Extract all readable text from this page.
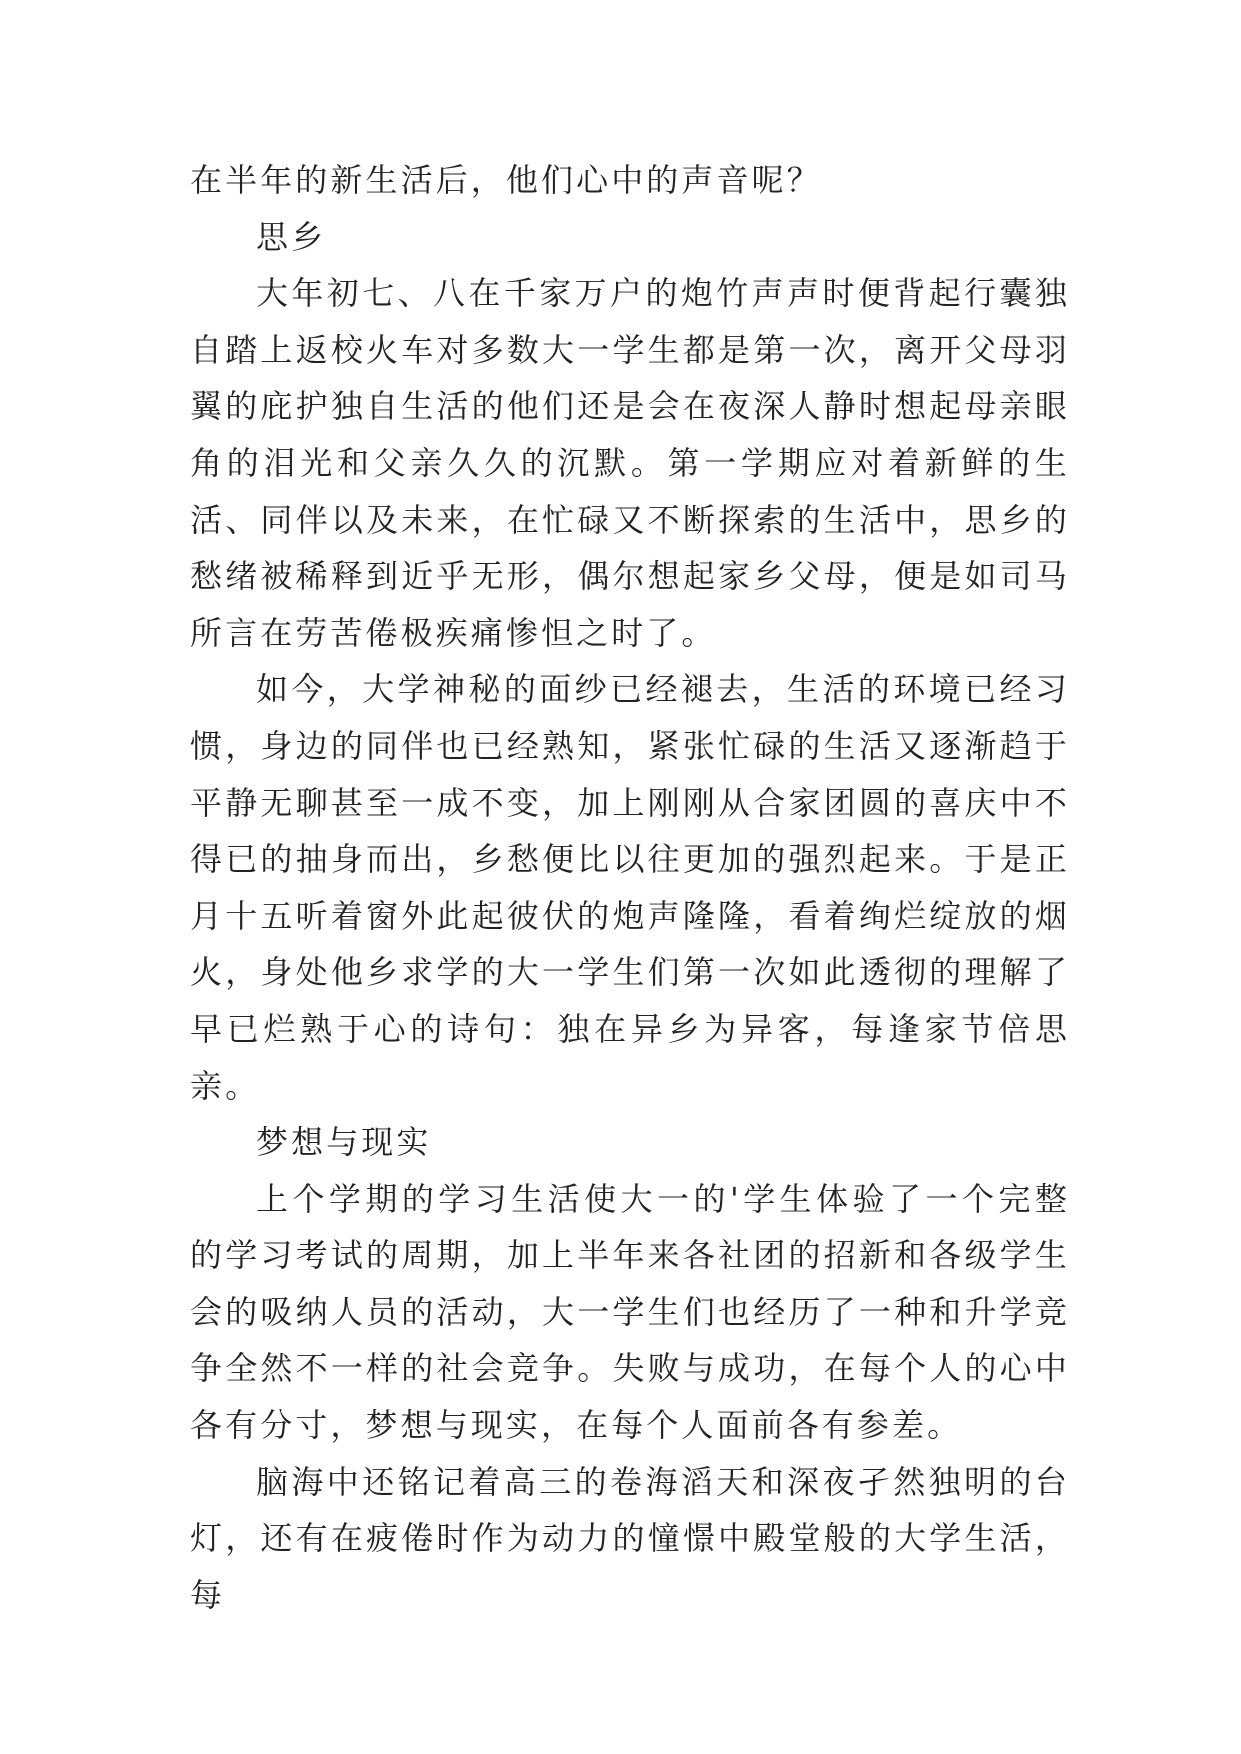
在半年的新生活后，他们心中的声音呢？

思乡

大年初七、八在千家万户的炮竹声声时便背起行囊独自踏上返校火车对多数大一学生都是第一次，离开父母羽翼的庇护独自生活的他们还是会在夜深人静时想起母亲眼角的泪光和父亲久久的沉默。第一学期应对着新鲜的生活、同伴以及未来，在忙碌又不断探索的生活中，思乡的愁绪被稀释到近乎无形，偶尔想起家乡父母，便是如司马所言在劳苦倦极疾痛惨怛之时了。

如今，大学神秘的面纱已经褪去，生活的环境已经习惯，身边的同伴也已经熟知，紧张忙碌的生活又逐渐趋于平静无聊甚至一成不变，加上刚刚从合家团圆的喜庆中不得已的抽身而出，乡愁便比以往更加的强烈起来。于是正月十五听着窗外此起彼伏的炮声隆隆，看着绚烂绽放的烟火，身处他乡求学的大一学生们第一次如此透彻的理解了早已烂熟于心的诗句：独在异乡为异客，每逢家节倍思亲。

梦想与现实

上个学期的学习生活使大一的'学生体验了一个完整的学习考试的周期，加上半年来各社团的招新和各级学生会的吸纳人员的活动，大一学生们也经历了一种和升学竞争全然不一样的社会竞争。失败与成功，在每个人的心中各有分寸，梦想与现实，在每个人面前各有参差。

脑海中还铭记着高三的卷海滔天和深夜孑然独明的台灯，还有在疲倦时作为动力的憧憬中殿堂般的大学生活，每
